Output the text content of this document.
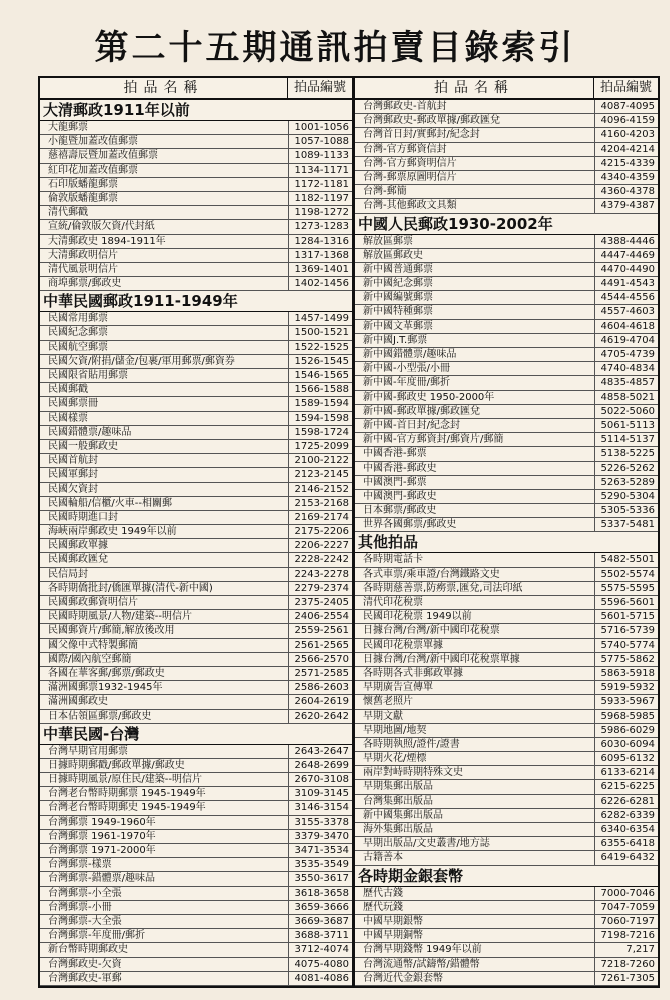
第二十五期通訊拍賣目錄索引
拍品名稱	拍品編號
大清郵政1911年以前
大龍郵票	1001-1056
小龍暨加蓋改值郵票	1057-1088
慈禧壽辰暨加蓋改值郵票	1089-1133
紅印花加蓋改值郵票	1134-1171
石印版蟠龍郵票	1172-1181
倫敦版蟠龍郵票	1182-1197
清代郵戳	1198-1272
宣統/倫敦版欠資/代封紙	1273-1283
大清郵政史 1894-1911年	1284-1316
大清郵政明信片	1317-1368
清代風景明信片	1369-1401
商埠郵票/郵政史	1402-1456
中華民國郵政1911-1949年
民國常用郵票	1457-1499
民國紀念郵票	1500-1521
民國航空郵票	1522-1525
民國欠資/附捐/儲金/包裹/軍用郵票/郵資券	1526-1545
民國限省貼用郵票	1546-1565
民國郵戳	1566-1588
民國郵票冊	1589-1594
民國樣票	1594-1598
民國錯體票/趣味品	1598-1724
民國一般郵政史	1725-2099
民國首航封	2100-2122
民國軍郵封	2123-2145
民國欠資封	2146-2152
民國輪船/信櫃/火車--相關郵	2153-2168
民國時期進口封	2169-2174
海峽兩岸郵政史 1949年以前	2175-2206
民國郵政單據	2206-2227
民國郵政匯兌	2228-2242
民信局封	2243-2278
各時期僑批封/僑匯單據(清代-新中國)	2279-2374
民國郵政郵資明信片	2375-2405
民國時期風景/人物/建築--明信片	2406-2554
民國郵資片/郵簡,解放後改用	2559-2561
國父像中式特製郵簡	2561-2565
國際/國內航空郵簡	2566-2570
各國在華客郵/郵票/郵政史	2571-2585
滿洲國郵票1932-1945年	2586-2603
滿洲國郵政史	2604-2619
日本佔領區郵票/郵政史	2620-2642
中華民國-台灣
台灣早期官用郵票	2643-2647
日據時期郵戳/郵政單據/郵政史	2648-2699
日據時期風景/原住民/建築--明信片	2670-3108
台灣老台幣時期郵票 1945-1949年	3109-3145
台灣老台幣時期郵史 1945-1949年	3146-3154
台灣郵票 1949-1960年	3155-3378
台灣郵票 1961-1970年	3379-3470
台灣郵票 1971-2000年	3471-3534
台灣郵票-樣票	3535-3549
台灣郵票-錯體票/趣味品	3550-3617
台灣郵票-小全張	3618-3658
台灣郵票-小冊	3659-3666
台灣郵票-大全張	3669-3687
台灣郵票-年度冊/郵折	3688-3711
新台幣時期郵政史	3712-4074
台灣郵政史-欠資	4075-4080
台灣郵政史-軍郵	4081-4086
拍品名稱	拍品編號
台灣郵政史-首航封	4087-4095
台灣郵政史-郵政單據/郵政匯兌	4096-4159
台灣首日封/實郵封/紀念封	4160-4203
台灣-官方郵資信封	4204-4214
台灣-官方郵資明信片	4215-4339
台灣-郵票原圖明信片	4340-4359
台灣-郵簡	4360-4378
台灣-其他郵政文具類	4379-4387
中國人民郵政1930-2002年
解放區郵票	4388-4446
解放區郵政史	4447-4469
新中國普通郵票	4470-4490
新中國紀念郵票	4491-4543
新中國編號郵票	4544-4556
新中國特種郵票	4557-4603
新中國文革郵票	4604-4618
新中國J.T.郵票	4619-4704
新中國錯體票/趣味品	4705-4739
新中國-小型張/小冊	4740-4834
新中國-年度冊/郵折	4835-4857
新中國-郵政史 1950-2000年	4858-5021
新中國-郵政單據/郵政匯兌	5022-5060
新中國-首日封/紀念封	5061-5113
新中國-官方郵資封/郵資片/郵簡	5114-5137
中國香港-郵票	5138-5225
中國香港-郵政史	5226-5262
中國澳門-郵票	5263-5289
中國澳門-郵政史	5290-5304
日本郵票/郵政史	5305-5336
世界各國郵票/郵政史	5337-5481
其他拍品
各時期電話卡	5482-5501
各式車票/乘車證/台灣鐵路文史	5502-5574
各時期慈善票,防癆票,匯兌,司法印紙	5575-5595
清代印花稅票	5596-5601
民國印花稅票 1949以前	5601-5715
日據台灣/台灣/新中國印花稅票	5716-5739
民國印花稅票單據	5740-5774
日據台灣/台灣/新中國印花稅票單據	5775-5862
各時期各式非郵政單據	5863-5918
早期廣告宣傳單	5919-5932
懷舊老照片	5933-5967
早期文獻	5968-5985
早期地圖/地契	5986-6029
各時期執照/證件/證書	6030-6094
早期火花/煙標	6095-6132
兩岸對峙時期特殊文史	6133-6214
早期集郵出版品	6215-6225
台灣集郵出版品	6226-6281
新中國集郵出版品	6282-6339
海外集郵出版品	6340-6354
早期出版品/文史叢書/地方誌	6355-6418
古籍善本	6419-6432
各時期金銀套幣
歷代古錢	7000-7046
歷代玩錢	7047-7059
中國早期銀幣	7060-7197
中國早期銅幣	7198-7216
台灣早期錢幣 1949年以前	7,217
台灣流通幣/試鑄幣/錯體幣	7218-7260
台灣近代金銀套幣	7261-7305
